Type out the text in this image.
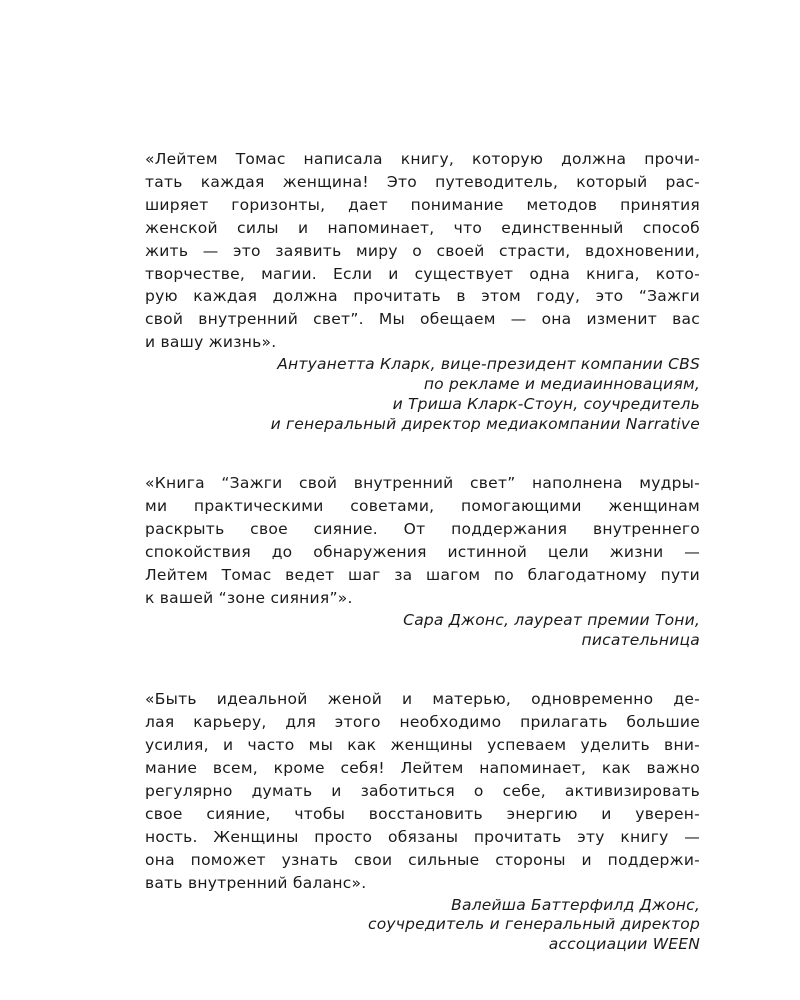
«Лейтем Томас написала книгу, которую должна прочи-
тать каждая женщина! Это путеводитель, который рас-
ширяет горизонты, дает понимание методов принятия
женской силы и напоминает, что единственный способ
жить — это заявить миру о своей страсти, вдохновении,
творчестве, магии. Если и существует одна книга, кото-
рую каждая должна прочитать в этом году, это “Зажги
свой внутренний свет”. Мы обещаем — она изменит вас
и вашу жизнь».
Антуанетта Кларк, вице-президент компании CBS
по рекламе и медиаинновациям,
и Триша Кларк-Стоун, соучредитель
и генеральный директор медиакомпании Narrative
«Книга “Зажги свой внутренний свет” наполнена мудры-
ми практическими советами, помогающими женщинам
раскрыть свое сияние. От поддержания внутреннего
спокойствия до обнаружения истинной цели жизни —
Лейтем Томас ведет шаг за шагом по благодатному пути
к вашей “зоне сияния”».
Сара Джонс, лауреат премии Тони,
писательница
«Быть идеальной женой и матерью, одновременно де-
лая карьеру, для этого необходимо прилагать большие
усилия, и часто мы как женщины успеваем уделить вни-
мание всем, кроме себя! Лейтем напоминает, как важно
регулярно думать и заботиться о себе, активизировать
свое сияние, чтобы восстановить энергию и уверен-
ность. Женщины просто обязаны прочитать эту книгу —
она поможет узнать свои сильные стороны и поддержи-
вать внутренний баланс».
Валейша Баттерфилд Джонс,
соучредитель и генеральный директор
ассоциации WEEN
